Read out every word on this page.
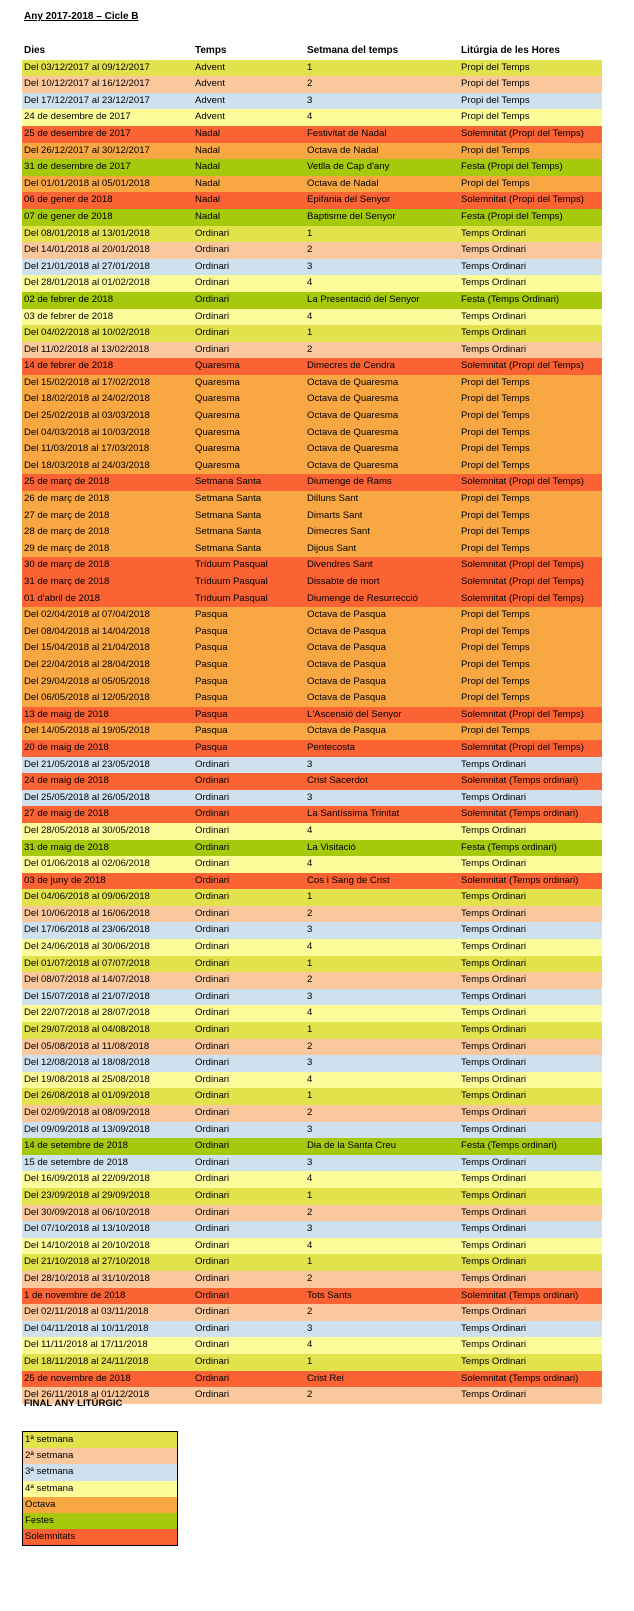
Any 2017-2018 – Cicle B
Dies	Temps	Setmana del temps	Litúrgia de les Hores
Del 03/12/2017 al 09/12/2017	Advent	1	Propi del Temps
Del 10/12/2017 al 16/12/2017	Advent	2	Propi del Temps
Del 17/12/2017 al 23/12/2017	Advent	3	Propi del Temps
24 de desembre de 2017	Advent	4	Propi del Temps
25 de desembre de 2017	Nadal	Festivitat de Nadal	Solemnitat (Propi del Temps)
Del 26/12/2017 al 30/12/2017	Nadal	Octava de Nadal	Propi del Temps
31 de desembre de 2017	Nadal	Vetlla de Cap d'any	Festa (Propi del Temps)
Del 01/01/2018 al 05/01/2018	Nadal	Octava de Nadal	Propi del Temps
06 de gener de 2018	Nadal	Epifania del Senyor	Solemnitat (Propi del Temps)
07 de gener de 2018	Nadal	Baptisme del Senyor	Festa (Propi del Temps)
Del 08/01/2018 al 13/01/2018	Ordinari	1	Temps Ordinari
Del 14/01/2018 al 20/01/2018	Ordinari	2	Temps Ordinari
Del 21/01/2018 al 27/01/2018	Ordinari	3	Temps Ordinari
Del 28/01/2018 al 01/02/2018	Ordinari	4	Temps Ordinari
02 de febrer de 2018	Ordinari	La Presentació del Senyor	Festa (Temps Ordinari)
03 de febrer de 2018	Ordinari	4	Temps Ordinari
Del 04/02/2018 al 10/02/2018	Ordinari	1	Temps Ordinari
Del 11/02/2018 al 13/02/2018	Ordinari	2	Temps Ordinari
14 de febrer de 2018	Quaresma	Dimecres de Cendra	Solemnitat (Propi del Temps)
Del 15/02/2018 al 17/02/2018	Quaresma	Octava de Quaresma	Propi del Temps
Del 18/02/2018 al 24/02/2018	Quaresma	Octava de Quaresma	Propi del Temps
Del 25/02/2018 al 03/03/2018	Quaresma	Octava de Quaresma	Propi del Temps
Del 04/03/2018 al 10/03/2018	Quaresma	Octava de Quaresma	Propi del Temps
Del 11/03/2018 al 17/03/2018	Quaresma	Octava de Quaresma	Propi del Temps
Del 18/03/2018 al 24/03/2018	Quaresma	Octava de Quaresma	Propi del Temps
25 de març de 2018	Setmana Santa	Diumenge de Rams	Solemnitat (Propi del Temps)
26 de març de 2018	Setmana Santa	Dilluns Sant	Propi del Temps
27 de març de 2018	Setmana Santa	Dimarts Sant	Propi del Temps
28 de març de 2018	Setmana Santa	Dimecres Sant	Propi del Temps
29 de març de 2018	Setmana Santa	Dijous Sant	Propi del Temps
30 de març de 2018	Tríduum Pasqual	Divendres Sant	Solemnitat (Propi del Temps)
31 de març de 2018	Tríduum Pasqual	Dissabte de mort	Solemnitat (Propi del Temps)
01 d'abril de 2018	Tríduum Pasqual	Diumenge de Resurrecció	Solemnitat (Propi del Temps)
Del 02/04/2018 al 07/04/2018	Pasqua	Octava de Pasqua	Propi del Temps
Del 08/04/2018 al 14/04/2018	Pasqua	Octava de Pasqua	Propi del Temps
Del 15/04/2018 al 21/04/2018	Pasqua	Octava de Pasqua	Propi del Temps
Del 22/04/2018 al 28/04/2018	Pasqua	Octava de Pasqua	Propi del Temps
Del 29/04/2018 al 05/05/2018	Pasqua	Octava de Pasqua	Propi del Temps
Del 06/05/2018 al 12/05/2018	Pasqua	Octava de Pasqua	Propi del Temps
13 de maig de 2018	Pasqua	L'Ascensió del Senyor	Solemnitat (Propi del Temps)
Del 14/05/2018 al 19/05/2018	Pasqua	Octava de Pasqua	Propi del Temps
20 de maig de 2018	Pasqua	Pentecosta	Solemnitat (Propi del Temps)
Del 21/05/2018 al 23/05/2018	Ordinari	3	Temps Ordinari
24 de maig de 2018	Ordinari	Crist Sacerdot	Solemnitat (Temps ordinari)
Del 25/05/2018 al 26/05/2018	Ordinari	3	Temps Ordinari
27 de maig de 2018	Ordinari	La Santíssima Trinitat	Solemnitat (Temps ordinari)
Del 28/05/2018 al 30/05/2018	Ordinari	4	Temps Ordinari
31 de maig de 2018	Ordinari	La Visitació	Festa (Temps ordinari)
Del 01/06/2018 al 02/06/2018	Ordinari	4	Temps Ordinari
03 de juny de 2018	Ordinari	Cos i Sang de Crist	Solemnitat (Temps ordinari)
Del 04/06/2018 al 09/06/2018	Ordinari	1	Temps Ordinari
Del 10/06/2018 al 16/06/2018	Ordinari	2	Temps Ordinari
Del 17/06/2018 al 23/06/2018	Ordinari	3	Temps Ordinari
Del 24/06/2018 al 30/06/2018	Ordinari	4	Temps Ordinari
Del 01/07/2018 al 07/07/2018	Ordinari	1	Temps Ordinari
Del 08/07/2018 al 14/07/2018	Ordinari	2	Temps Ordinari
Del 15/07/2018 al 21/07/2018	Ordinari	3	Temps Ordinari
Del 22/07/2018 al 28/07/2018	Ordinari	4	Temps Ordinari
Del 29/07/2018 al 04/08/2018	Ordinari	1	Temps Ordinari
Del 05/08/2018 al 11/08/2018	Ordinari	2	Temps Ordinari
Del 12/08/2018 al 18/08/2018	Ordinari	3	Temps Ordinari
Del 19/08/2018 al 25/08/2018	Ordinari	4	Temps Ordinari
Del 26/08/2018 al 01/09/2018	Ordinari	1	Temps Ordinari
Del 02/09/2018 al 08/09/2018	Ordinari	2	Temps Ordinari
Del 09/09/2018 al 13/09/2018	Ordinari	3	Temps Ordinari
14 de setembre de 2018	Ordinari	Dia de la Santa Creu	Festa (Temps ordinari)
15 de setembre de 2018	Ordinari	3	Temps Ordinari
Del 16/09/2018 al 22/09/2018	Ordinari	4	Temps Ordinari
Del 23/09/2018 al 29/09/2018	Ordinari	1	Temps Ordinari
Del 30/09/2018 al 06/10/2018	Ordinari	2	Temps Ordinari
Del 07/10/2018 al 13/10/2018	Ordinari	3	Temps Ordinari
Del 14/10/2018 al 20/10/2018	Ordinari	4	Temps Ordinari
Del 21/10/2018 al 27/10/2018	Ordinari	1	Temps Ordinari
Del 28/10/2018 al 31/10/2018	Ordinari	2	Temps Ordinari
1 de novembre de 2018	Ordinari	Tots Sants	Solemnitat (Temps ordinari)
Del 02/11/2018 al 03/11/2018	Ordinari	2	Temps Ordinari
Del 04/11/2018 al 10/11/2018	Ordinari	3	Temps Ordinari
Del 11/11/2018 al 17/11/2018	Ordinari	4	Temps Ordinari
Del 18/11/2018 al 24/11/2018	Ordinari	1	Temps Ordinari
25 de novembre de 2018	Ordinari	Crist Rei	Solemnitat (Temps ordinari)
Del 26/11/2018 al 01/12/2018	Ordinari	2	Temps Ordinari
FINAL ANY LITÚRGIC
1ª setmana
2ª setmana
3ª setmana
4ª setmana
Octava
Festes
Solemnitats
